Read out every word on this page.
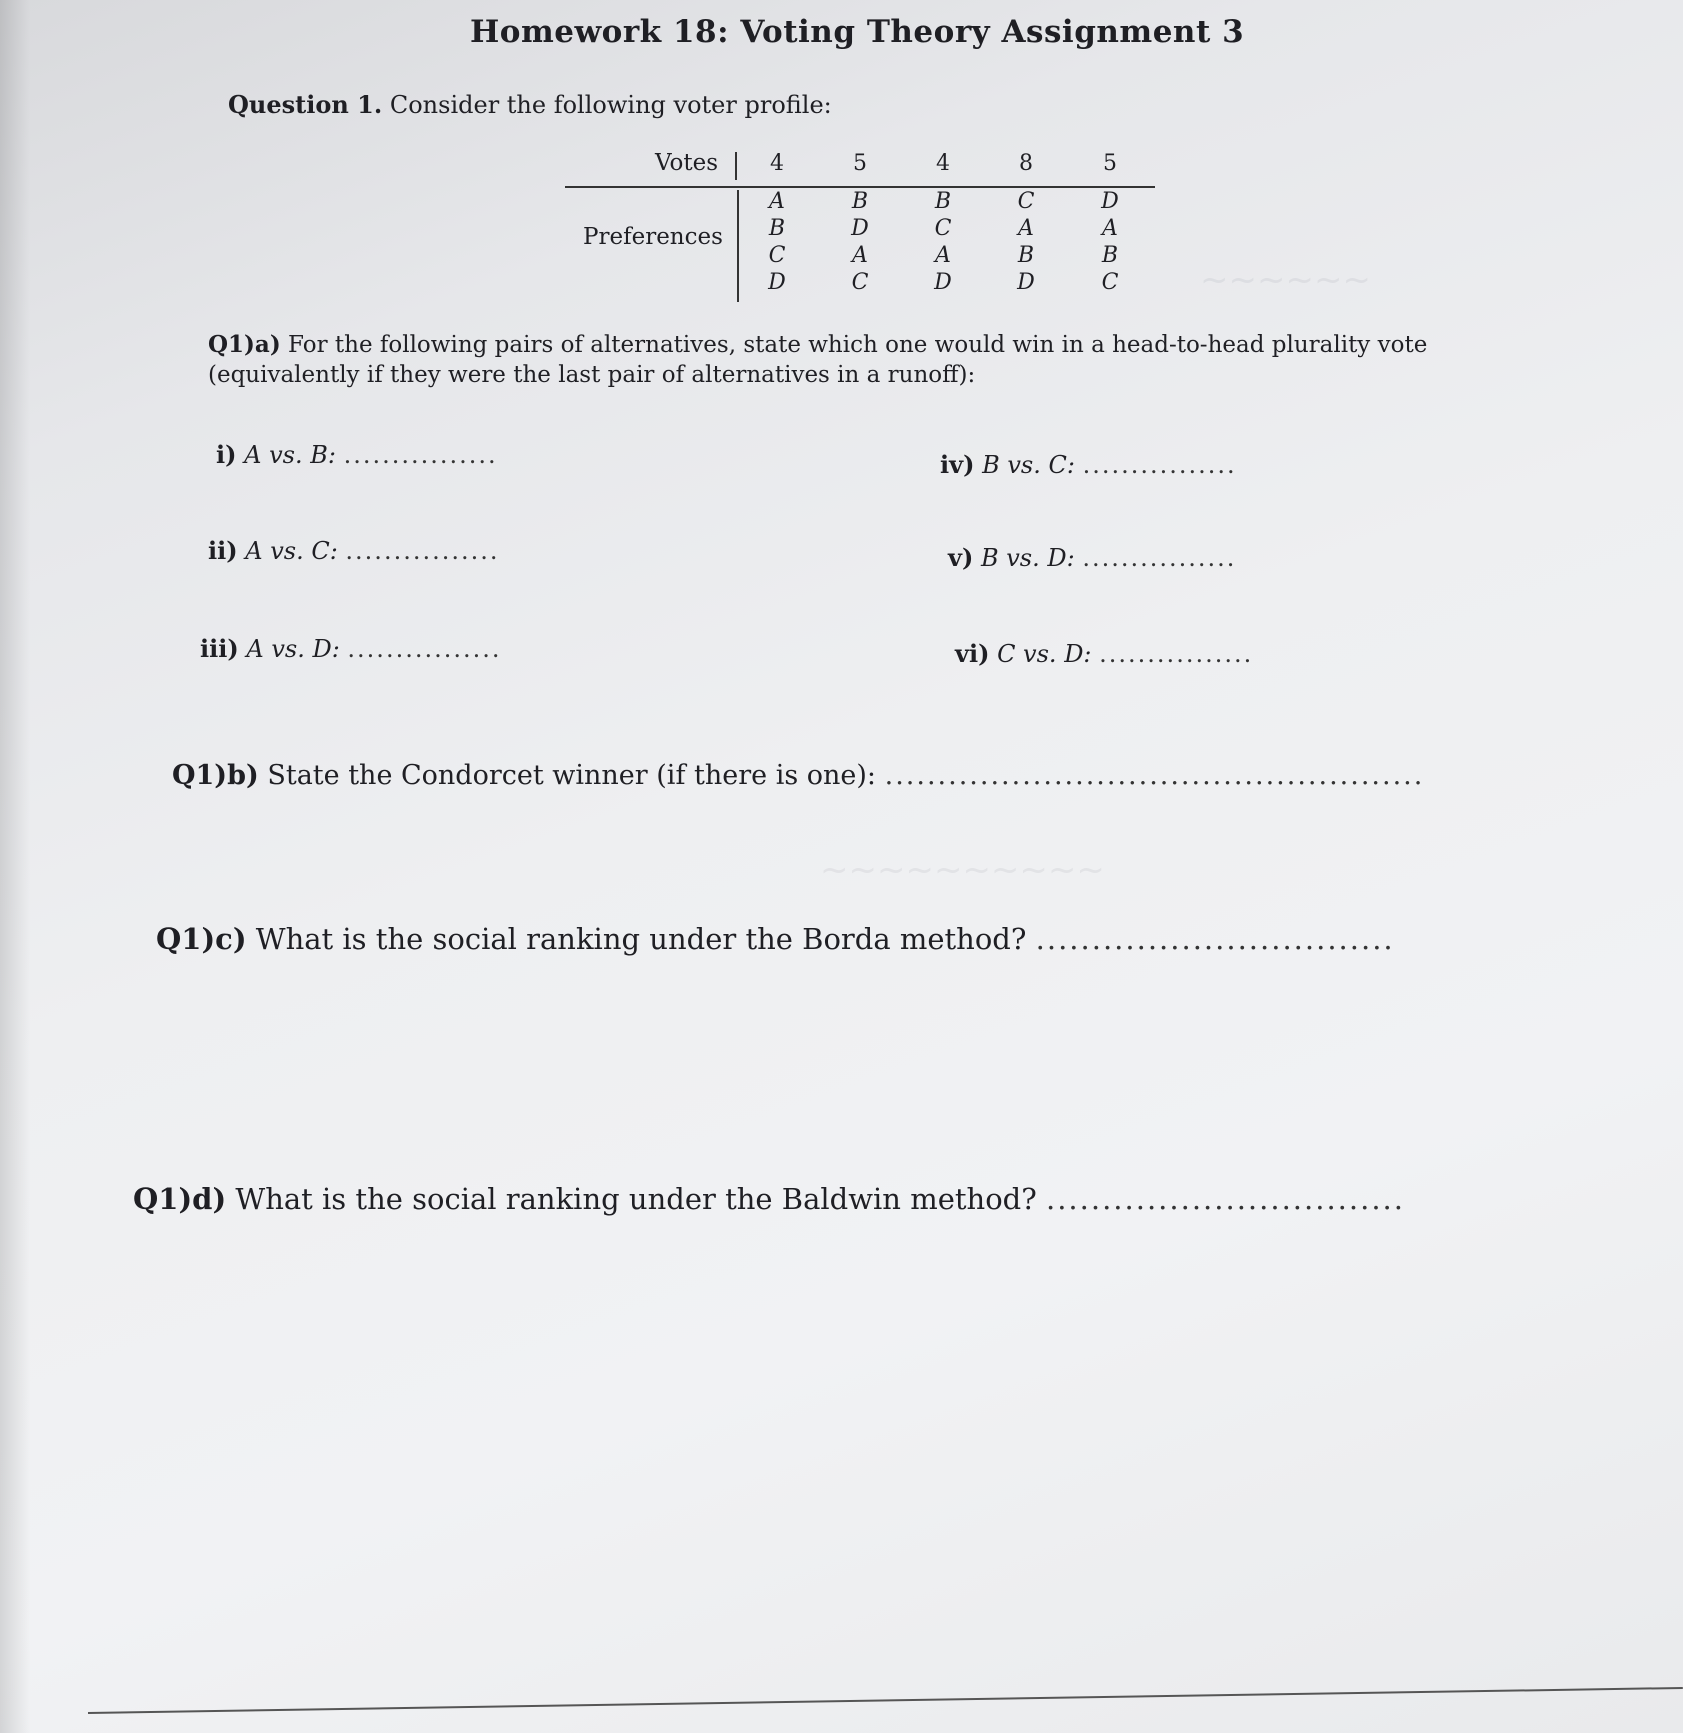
~~~~~~
~~~~~~~~~~
Homework 18: Voting Theory Assignment 3
Question 1. Consider the following voter profile:
Votes
Preferences
4
A
B
C
D
5
B
D
A
C
4
B
C
A
D
8
C
A
B
D
5
D
A
B
C
Q1)a) For the following pairs of alternatives, state which one would win in a head-to-head plurality vote (equivalently if they were the last pair of alternatives in a runoff):
i) A vs. B: ................
ii) A vs. C: ................
iii) A vs. D: ................
iv) B vs. C: ................
v) B vs. D: ................
vi) C vs. D: ................
Q1)b) State the Condorcet winner (if there is one): ...................................................
Q1)c) What is the social ranking under the Borda method? ................................
Q1)d) What is the social ranking under the Baldwin method? ................................
